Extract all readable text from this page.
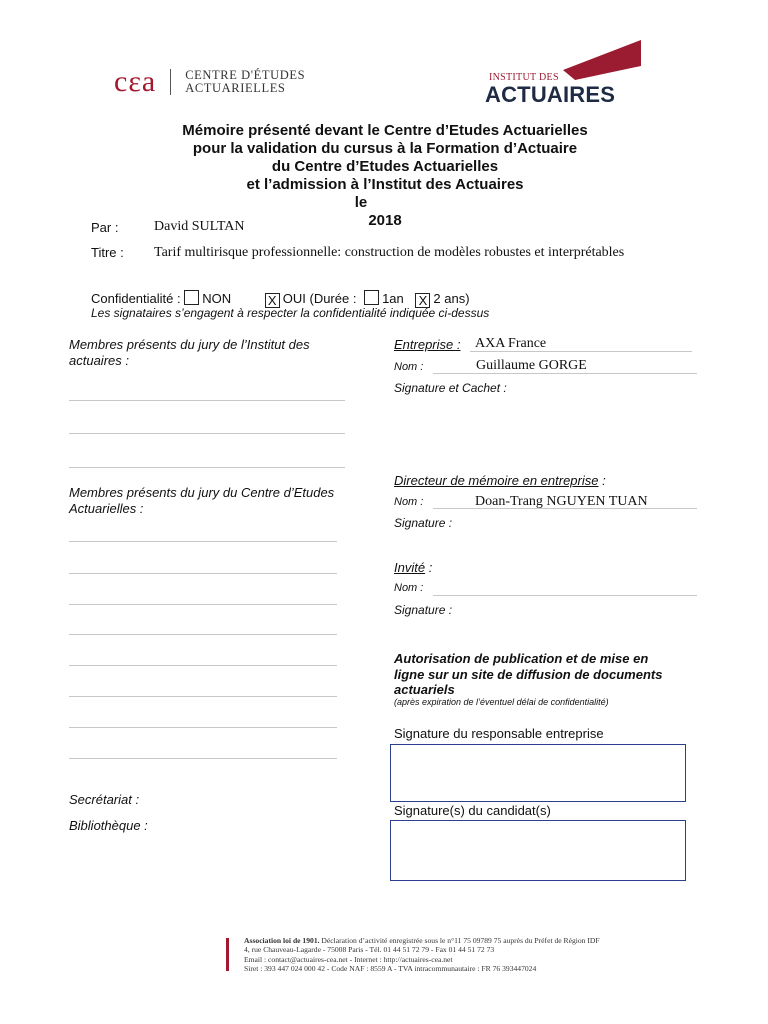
cεa CENTRE D'ÉTUDES
ACTUARIELLES
INSTITUT DES
ACTUAIRES
Mémoire présenté devant le Centre d’Etudes Actuarielles
pour la validation du cursus à la Formation d’Actuaire
du Centre d’Etudes Actuarielles
et l’admission à l’Institut des Actuaires
le
2018
Par :	David SULTAN
Titre : Tarif multirisque professionnelle: construction de modèles robustes et interprétables
Confidentialité : NON	X OUI (Durée : 1an X 2 ans)
Les signataires s’engagent à respecter la confidentialité indiquée ci-dessus
Membres présents du jury de l’Institut des actuaires :
Membres présents du jury du Centre d’Etudes Actuarielles :
Secrétariat :
Bibliothèque :
Entreprise : AXA France
Nom :	Guillaume GORGE
Signature et Cachet :
Directeur de mémoire en entreprise :
Nom :	Doan-Trang NGUYEN TUAN
Signature :
Invité :
Nom :
Signature :
Autorisation de publication et de mise en
ligne sur un site de diffusion de documents
actuariels
(après expiration de l’éventuel délai de confidentialité)
Signature du responsable entreprise
Signature(s) du candidat(s)
Association loi de 1901. Déclaration d’activité enregistrée sous le n°11 75 09789 75 auprès du Préfet de Région IDF
4, rue Chauveau-Lagarde - 75008 Paris - Tél. 01 44 51 72 79 - Fax 01 44 51 72 73
Email : contact@actuaires-cea.net - Internet : http://actuaires-cea.net
Siret : 393 447 024 000 42 - Code NAF : 8559 A - TVA intracommunautaire : FR 76 393447024
